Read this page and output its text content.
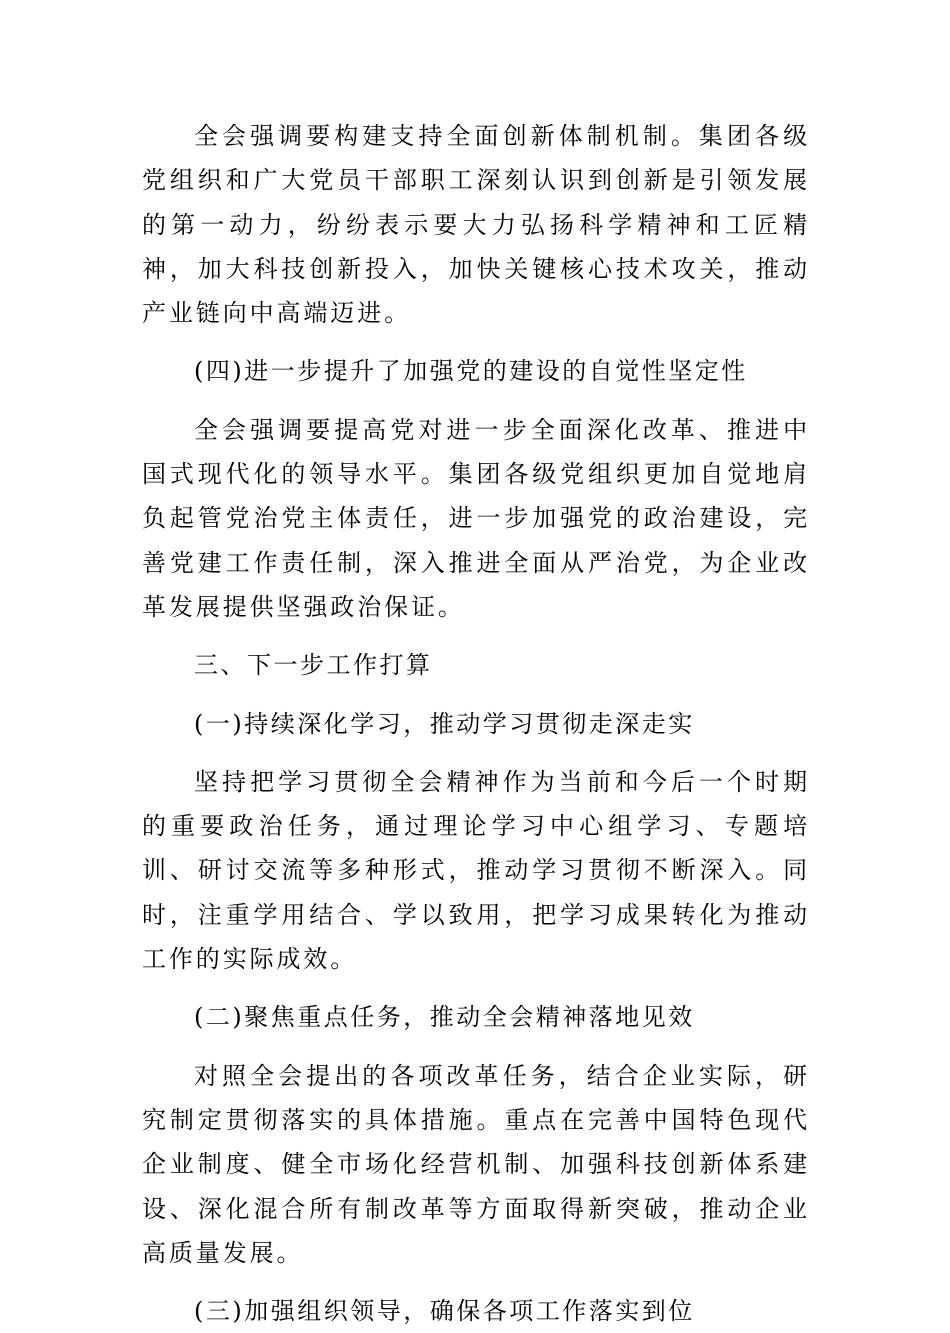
全会强调要构建支持全面创新体制机制。集团各级党组织和广大党员干部职工深刻认识到创新是引领发展的第一动力，纷纷表示要大力弘扬科学精神和工匠精神，加大科技创新投入，加快关键核心技术攻关，推动产业链向中高端迈进。

(四)进一步提升了加强党的建设的自觉性坚定性

全会强调要提高党对进一步全面深化改革、推进中国式现代化的领导水平。集团各级党组织更加自觉地肩负起管党治党主体责任，进一步加强党的政治建设，完善党建工作责任制，深入推进全面从严治党，为企业改革发展提供坚强政治保证。

三、下一步工作打算

(一)持续深化学习，推动学习贯彻走深走实

坚持把学习贯彻全会精神作为当前和今后一个时期的重要政治任务，通过理论学习中心组学习、专题培训、研讨交流等多种形式，推动学习贯彻不断深入。同时，注重学用结合、学以致用，把学习成果转化为推动工作的实际成效。

(二)聚焦重点任务，推动全会精神落地见效

对照全会提出的各项改革任务，结合企业实际，研究制定贯彻落实的具体措施。重点在完善中国特色现代企业制度、健全市场化经营机制、加强科技创新体系建设、深化混合所有制改革等方面取得新突破，推动企业高质量发展。

(三)加强组织领导，确保各项工作落实到位
